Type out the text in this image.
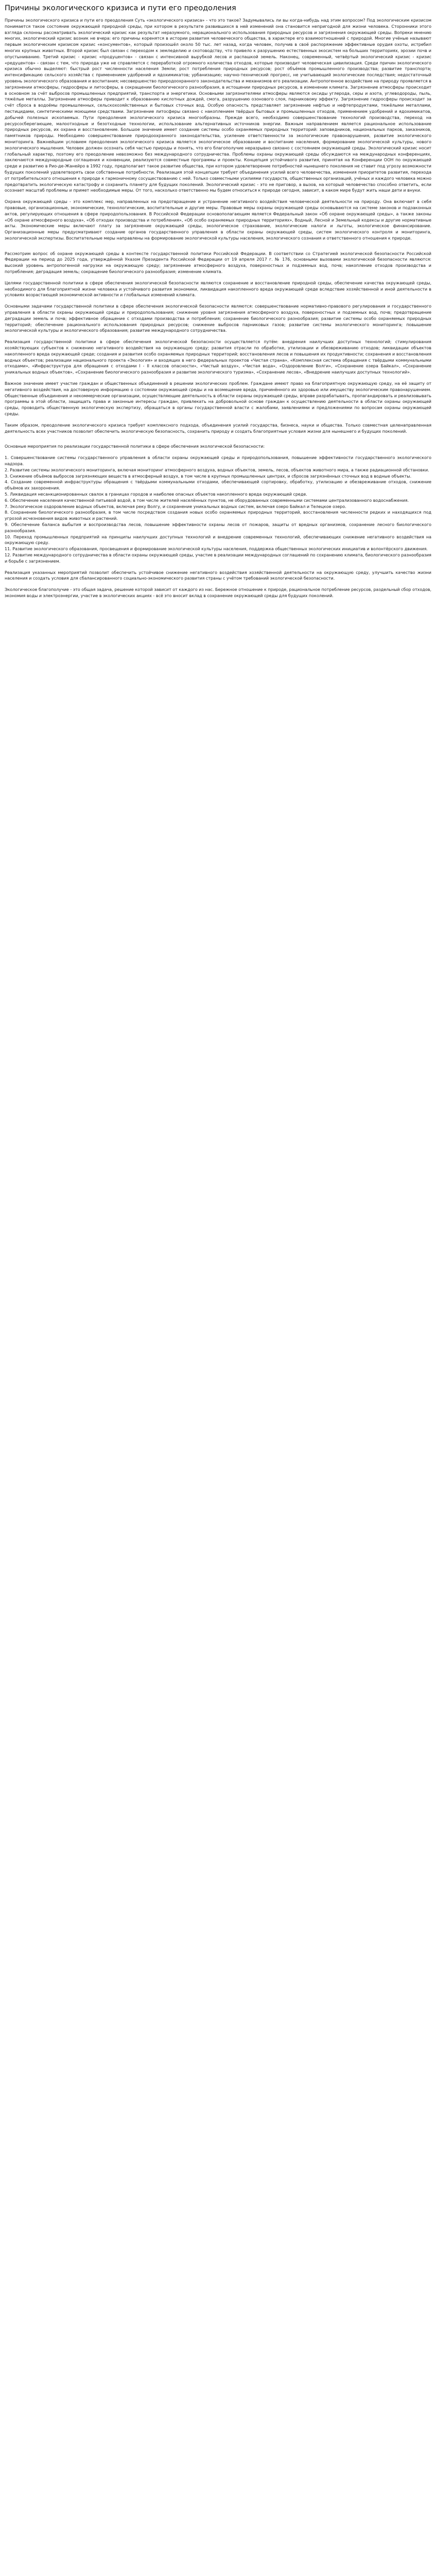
Причины экологического кризиса и пути его преодоления

Причины экологического кризиса и пути его преодоления Суть «экологического кризиса» - что это такое? Задумывались ли вы когда-нибудь над этим вопросом? Под экологическим кризисом понимается такое состояние окружающей природной среды, при котором в результате развившихся в ней изменений она становится непригодной для жизни человека. Сторонники этого взгляда склонны рассматривать экологический кризис как результат неразумного, нерационального использования природных ресурсов и загрязнения окружающей среды. Вопреки мнению многих, экологический кризис возник не вчера: его причины коренятся в истории развития человеческого общества, в характере его взаимоотношений с природой. Многие учёные называют первым экологическим кризисом кризис «консументов», который произошёл около 50 тыс. лет назад, когда человек, получив в своё распоряжение эффективные орудия охоты, истребил многих крупных животных. Второй кризис был связан с переходом к земледелию и скотоводству, что привело к разрушению естественных экосистем на больших территориях, эрозии почв и опустыниванию. Третий кризис - кризис «продуцентов» - связан с интенсивной вырубкой лесов и распашкой земель. Наконец, современный, четвёртый экологический кризис - кризис «редуцентов» - связан с тем, что природа уже не справляется с переработкой огромного количества отходов, которые производит человеческая цивилизация. Среди причин экологического кризиса обычно выделяют: быстрый рост численности населения Земли; рост потребления природных ресурсов; рост объёмов промышленного производства; развитие транспорта; интенсификацию сельского хозяйства с применением удобрений и ядохимикатов; урбанизацию; научно-технический прогресс, не учитывающий экологические последствия; недостаточный уровень экологического образования и воспитания; несовершенство природоохранного законодательства и механизмов его реализации. Антропогенное воздействие на природу проявляется в загрязнении атмосферы, гидросферы и литосферы, в сокращении биологического разнообразия, в истощении природных ресурсов, в изменении климата. Загрязнение атмосферы происходит в основном за счёт выбросов промышленных предприятий, транспорта и энергетики. Основными загрязнителями атмосферы являются оксиды углерода, серы и азота, углеводороды, пыль, тяжёлые металлы. Загрязнение атмосферы приводит к образованию кислотных дождей, смога, разрушению озонового слоя, парниковому эффекту. Загрязнение гидросферы происходит за счёт сброса в водоёмы промышленных, сельскохозяйственных и бытовых сточных вод. Особую опасность представляет загрязнение нефтью и нефтепродуктами, тяжёлыми металлами, пестицидами, синтетическими моющими средствами. Загрязнение литосферы связано с накоплением твёрдых бытовых и промышленных отходов, применением удобрений и ядохимикатов, добычей полезных ископаемых. Пути преодоления экологического кризиса многообразны. Прежде всего, необходимо совершенствование технологий производства, переход на ресурсосберегающие, малоотходные и безотходные технологии, использование альтернативных источников энергии. Важным направлением является рациональное использование природных ресурсов, их охрана и восстановление. Большое значение имеет создание системы особо охраняемых природных территорий: заповедников, национальных парков, заказников, памятников природы. Необходимо совершенствование природоохранного законодательства, усиление ответственности за экологические правонарушения, развитие экологического мониторинга. Важнейшим условием преодоления экологического кризиса является экологическое образование и воспитание населения, формирование экологической культуры, нового экологического мышления. Человек должен осознать себя частью природы и понять, что его благополучие неразрывно связано с состоянием окружающей среды. Экологический кризис носит глобальный характер, поэтому его преодоление невозможно без международного сотрудничества. Проблемы охраны окружающей среды обсуждаются на международных конференциях, заключаются международные соглашения и конвенции, реализуются совместные программы и проекты. Концепция устойчивого развития, принятая на Конференции ООН по окружающей среде и развитию в Рио-де-Жанейро в 1992 году, предполагает такое развитие общества, при котором удовлетворение потребностей нынешнего поколения не ставит под угрозу возможности будущих поколений удовлетворять свои собственные потребности. Реализация этой концепции требует объединения усилий всего человечества, изменения приоритетов развития, перехода от потребительского отношения к природе к гармоничному сосуществованию с ней. Только совместными усилиями государств, общественных организаций, учёных и каждого человека можно предотвратить экологическую катастрофу и сохранить планету для будущих поколений. Экологический кризис - это не приговор, а вызов, на который человечество способно ответить, если осознает масштаб проблемы и примет необходимые меры. От того, насколько ответственно мы будем относиться к природе сегодня, зависит, в каком мире будут жить наши дети и внуки.

Охрана окружающей среды - это комплекс мер, направленных на предотвращение и устранение негативного воздействия человеческой деятельности на природу. Она включает в себя правовые, организационные, экономические, технологические, воспитательные и другие меры. Правовые меры охраны окружающей среды основываются на системе законов и подзаконных актов, регулирующих отношения в сфере природопользования. В Российской Федерации основополагающим является Федеральный закон «Об охране окружающей среды», а также законы «Об охране атмосферного воздуха», «Об отходах производства и потребления», «Об особо охраняемых природных территориях», Водный, Лесной и Земельный кодексы и другие нормативные акты. Экономические меры включают плату за загрязнение окружающей среды, экологическое страхование, экологические налоги и льготы, экологическое финансирование. Организационные меры предусматривают создание органов государственного управления в области охраны окружающей среды, систем экологического контроля и мониторинга, экологической экспертизы. Воспитательные меры направлены на формирование экологической культуры населения, экологического сознания и ответственного отношения к природе.

Рассмотрим вопрос об охране окружающей среды в контексте государственной политики Российской Федерации. В соответствии со Стратегией экологической безопасности Российской Федерации на период до 2025 года, утверждённой Указом Президента Российской Федерации от 19 апреля 2017 г. № 176, основными вызовами экологической безопасности являются: высокий уровень антропогенной нагрузки на окружающую среду; загрязнение атмосферного воздуха, поверхностных и подземных вод, почв; накопление отходов производства и потребления; деградация земель; сокращение биологического разнообразия; изменение климата.

Целями государственной политики в сфере обеспечения экологической безопасности являются сохранение и восстановление природной среды, обеспечение качества окружающей среды, необходимого для благоприятной жизни человека и устойчивого развития экономики, ликвидация накопленного вреда окружающей среде вследствие хозяйственной и иной деятельности в условиях возрастающей экономической активности и глобальных изменений климата.

Основными задачами государственной политики в сфере обеспечения экологической безопасности являются: совершенствование нормативно-правового регулирования и государственного управления в области охраны окружающей среды и природопользования; снижение уровня загрязнения атмосферного воздуха, поверхностных и подземных вод, почв; предотвращение деградации земель и почв; эффективное обращение с отходами производства и потребления; сохранение биологического разнообразия; развитие системы особо охраняемых природных территорий; обеспечение рационального использования природных ресурсов; снижение выбросов парниковых газов; развитие системы экологического мониторинга; повышение экологической культуры и экологического образования; развитие международного сотрудничества.

Реализация государственной политики в сфере обеспечения экологической безопасности осуществляется путём: внедрения наилучших доступных технологий; стимулирования хозяйствующих субъектов к снижению негативного воздействия на окружающую среду; развития отрасли по обработке, утилизации и обезвреживанию отходов; ликвидации объектов накопленного вреда окружающей среде; создания и развития особо охраняемых природных территорий; восстановления лесов и повышения их продуктивности; сохранения и восстановления водных объектов; реализации национального проекта «Экология» и входящих в него федеральных проектов «Чистая страна», «Комплексная система обращения с твёрдыми коммунальными отходами», «Инфраструктура для обращения с отходами I - II классов опасности», «Чистый воздух», «Чистая вода», «Оздоровление Волги», «Сохранение озера Байкал», «Сохранение уникальных водных объектов», «Сохранение биологического разнообразия и развитие экологического туризма», «Сохранение лесов», «Внедрение наилучших доступных технологий».

Важное значение имеет участие граждан и общественных объединений в решении экологических проблем. Граждане имеют право на благоприятную окружающую среду, на её защиту от негативного воздействия, на достоверную информацию о состоянии окружающей среды и на возмещение вреда, причинённого их здоровью или имуществу экологическим правонарушением. Общественные объединения и некоммерческие организации, осуществляющие деятельность в области охраны окружающей среды, вправе разрабатывать, пропагандировать и реализовывать программы в этой области, защищать права и законные интересы граждан, привлекать на добровольной основе граждан к осуществлению деятельности в области охраны окружающей среды, проводить общественную экологическую экспертизу, обращаться в органы государственной власти с жалобами, заявлениями и предложениями по вопросам охраны окружающей среды.

Таким образом, преодоление экологического кризиса требует комплексного подхода, объединения усилий государства, бизнеса, науки и общества. Только совместная целенаправленная деятельность всех участников позволит обеспечить экологическую безопасность, сохранить природу и создать благоприятные условия жизни для нынешнего и будущих поколений.

Основные мероприятия по реализации государственной политики в сфере обеспечения экологической безопасности:

1. Совершенствование системы государственного управления в области охраны окружающей среды и природопользования, повышение эффективности государственного экологического надзора.

2. Развитие системы экологического мониторинга, включая мониторинг атмосферного воздуха, водных объектов, земель, лесов, объектов животного мира, а также радиационной обстановки.

3. Снижение объёмов выбросов загрязняющих веществ в атмосферный воздух, в том числе в крупных промышленных центрах, и сбросов загрязнённых сточных вод в водные объекты.

4. Создание современной инфраструктуры обращения с твёрдыми коммунальными отходами, обеспечивающей сортировку, обработку, утилизацию и обезвреживание отходов, снижение объёмов их захоронения.

5. Ликвидация несанкционированных свалок в границах городов и наиболее опасных объектов накопленного вреда окружающей среде.

6. Обеспечение населения качественной питьевой водой, в том числе жителей населённых пунктов, не оборудованных современными системами централизованного водоснабжения.

7. Экологическое оздоровление водных объектов, включая реку Волгу, и сохранение уникальных водных систем, включая озеро Байкал и Телецкое озеро.

8. Сохранение биологического разнообразия, в том числе посредством создания новых особо охраняемых природных территорий, восстановления численности редких и находящихся под угрозой исчезновения видов животных и растений.

9. Обеспечение баланса выбытия и воспроизводства лесов, повышение эффективности охраны лесов от пожаров, защиты от вредных организмов, сохранение лесного биологического разнообразия.

10. Переход промышленных предприятий на принципы наилучших доступных технологий и внедрение современных технологий, обеспечивающих снижение негативного воздействия на окружающую среду.

11. Развитие экологического образования, просвещения и формирование экологической культуры населения, поддержка общественных экологических инициатив и волонтёрского движения.

12. Развитие международного сотрудничества в области охраны окружающей среды, участие в реализации международных соглашений по сохранению климата, биологического разнообразия и борьбе с загрязнением.

Реализация указанных мероприятий позволит обеспечить устойчивое снижение негативного воздействия хозяйственной деятельности на окружающую среду, улучшить качество жизни населения и создать условия для сбалансированного социально-экономического развития страны с учётом требований экологической безопасности.

Экологическое благополучие - это общая задача, решение которой зависит от каждого из нас. Бережное отношение к природе, рациональное потребление ресурсов, раздельный сбор отходов, экономия воды и электроэнергии, участие в экологических акциях - всё это вносит вклад в сохранение окружающей среды для будущих поколений.
